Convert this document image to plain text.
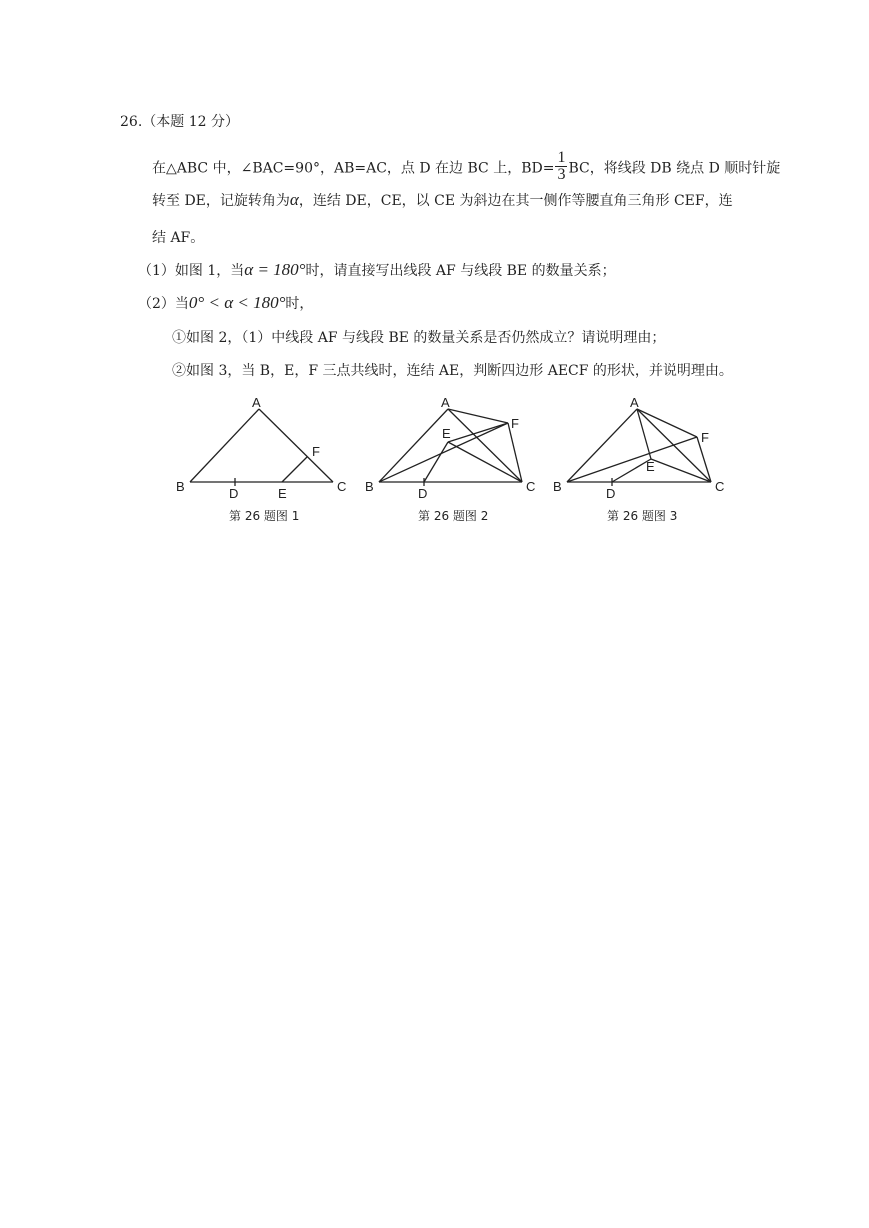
26.（本题 12 分）
在△ABC 中，∠BAC=90°，AB=AC，点 D 在边 BC 上，$BD= \frac{1}{3}$ BC，将线段 DB 绕点 D 顺时针旋
转至 DE，记旋转角为α，连结 DE，CE，以 CE 为斜边在其一侧作等腰直角三角形 CEF，连
结 AF。
（1）如图 1，当α = 180°时，请直接写出线段 AF 与线段 BE 的数量关系；
（2）当0° < α < 180°时，
①如图 2，（1）中线段 AF 与线段 BE 的数量关系是否仍然成立？请说明理由；
②如图 3，当 B，E，F 三点共线时，连结 AE，判断四边形 AECF 的形状，并说明理由。
A
B	C
D	E
F
A
E
F
B	C
D
A
F
E
B	C
D
第 26 题图 1	第 26 题图 2	第 26 题图 3
